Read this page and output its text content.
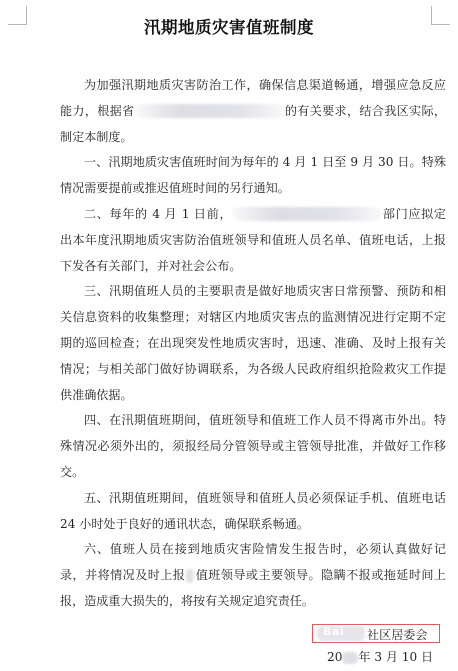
汛期地质灾害值班制度

为加强汛期地质灾害防治工作，确保信息渠道畅通，增强应急反应能力，根据省	的有关要求，结合我区实际，制定本制度。

一、汛期地质灾害值班时间为每年的 4 月 1 日至 9 月 30 日。特殊情况需要提前或推迟值班时间的另行通知。

二、每年的 4 月 1 日前，	部门应拟定出本年度汛期地质灾害防治值班领导和值班人员名单、值班电话，上报下发各有关部门，并对社会公布。

三、汛期值班人员的主要职责是做好地质灾害日常预警、预防和相关信息资料的收集整理；对辖区内地质灾害点的监测情况进行定期不定期的巡回检查；在出现突发性地质灾害时，迅速、准确、及时上报有关情况；与相关部门做好协调联系，为各级人民政府组织抢险救灾工作提供准确依据。

四、在汛期值班期间，值班领导和值班工作人员不得离市外出。特殊情况必须外出的，须报经局分管领导或主管领导批准，并做好工作移交。

五、汛期值班期间，值班领导和值班人员必须保证手机、值班电话 24 小时处于良好的通讯状态，确保联系畅通。

六、值班人员在接到地质灾害险情发生报告时，必须认真做好记录，并将情况及时上报 值班领导或主要领导。隐瞒不报或拖延时间上报，造成重大损失的，将按有关规定追究责任。

Bai 社区居委会
20 年 3 月 10 日
